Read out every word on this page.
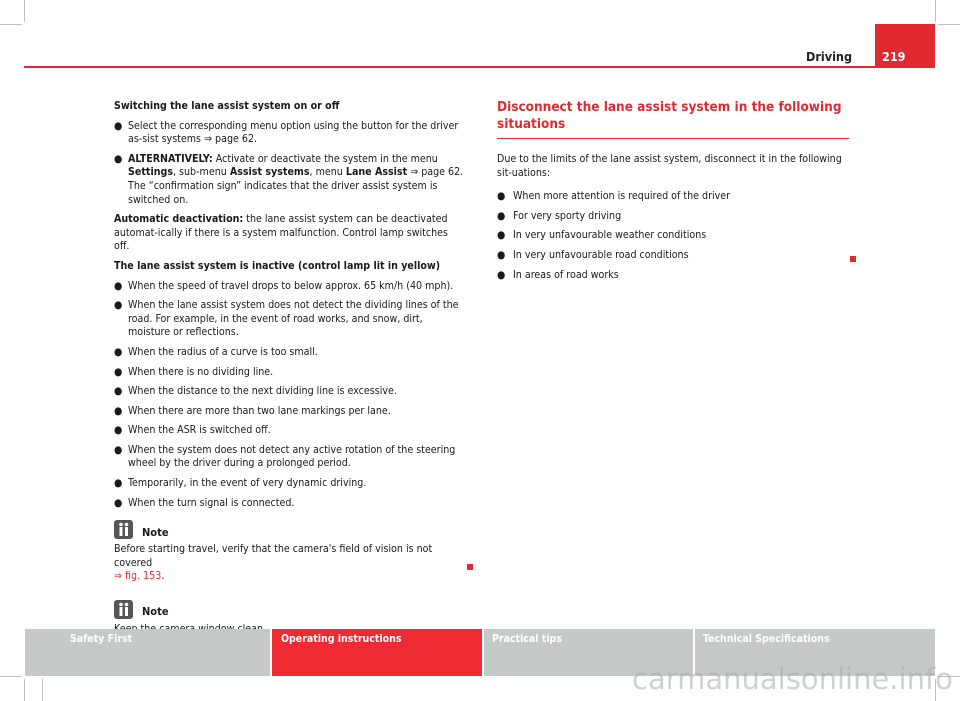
Driving 219

Switching the lane assist system on or off

● Select the corresponding menu option using the button for the driver as-sist systems ⇒ page 62.
● ALTERNATIVELY: Activate or deactivate the system in the menu Settings, sub-menu Assist systems, menu Lane Assist ⇒ page 62. The “confirmation sign” indicates that the driver assist system is switched on.

Automatic deactivation: the lane assist system can be deactivated automat-ically if there is a system malfunction. Control lamp switches off.

The lane assist system is inactive (control lamp lit in yellow)

● When the speed of travel drops to below approx. 65 km/h (40 mph).
● When the lane assist system does not detect the dividing lines of the road. For example, in the event of road works, and snow, dirt, moisture or reflections.
● When the radius of a curve is too small.
● When there is no dividing line.
● When the distance to the next dividing line is excessive.
● When there are more than two lane markings per lane.
● When the ASR is switched off.
● When the system does not detect any active rotation of the steering wheel by the driver during a prolonged period.
● Temporarily, in the event of very dynamic driving.
● When the turn signal is connected.
Note

Before starting travel, verify that the camera's field of vision is not covered
⇒ fig. 153.

Note

Disconnect the lane assist system in the following
situations

Due to the limits of the lane assist system, disconnect it in the following sit-uations:

● When more attention is required of the driver
● For very sporty driving
● In very unfavourable weather conditions
● In very unfavourable road conditions
● In areas of road works
Safety First	Operating instructions	Practical tips	Technical Specifications
carmanualsonline.info
